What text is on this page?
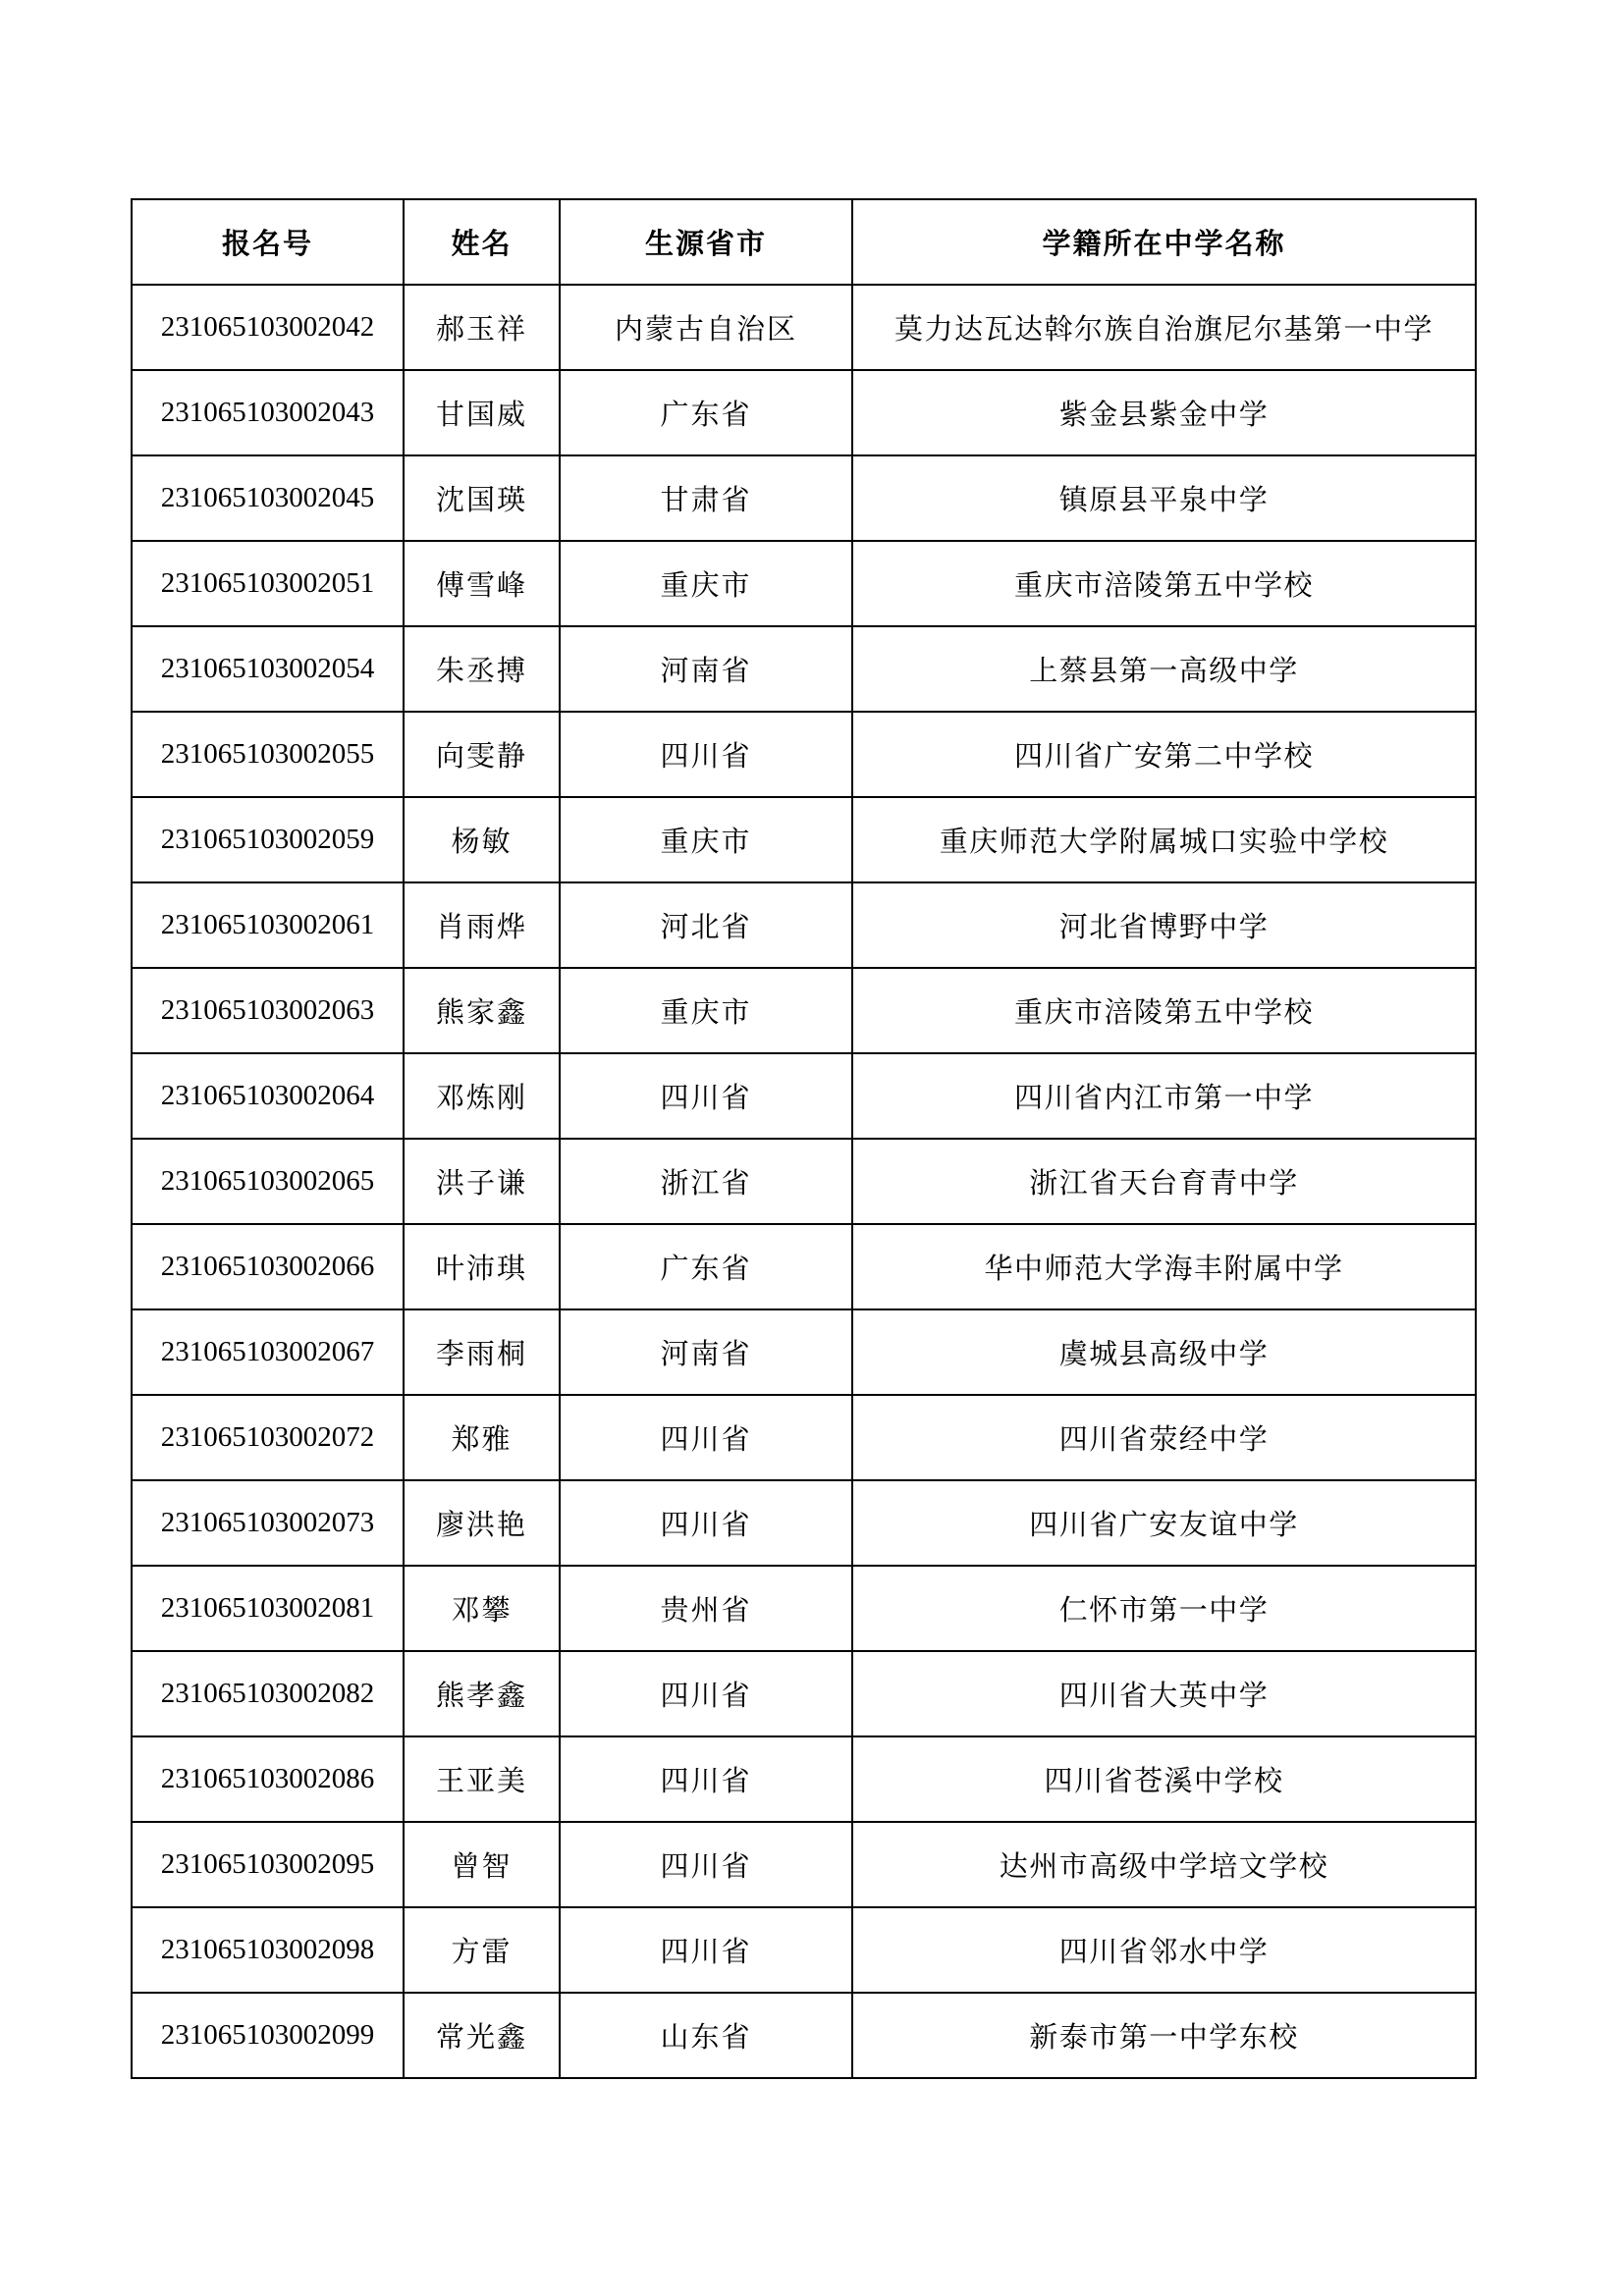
报名号	姓名	生源省市	学籍所在中学名称
231065103002042	郝玉祥	内蒙古自治区	莫力达瓦达斡尔族自治旗尼尔基第一中学
231065103002043	甘国威	广东省	紫金县紫金中学
231065103002045	沈国瑛	甘肃省	镇原县平泉中学
231065103002051	傅雪峰	重庆市	重庆市涪陵第五中学校
231065103002054	朱丞搏	河南省	上蔡县第一高级中学
231065103002055	向雯静	四川省	四川省广安第二中学校
231065103002059	杨敏	重庆市	重庆师范大学附属城口实验中学校
231065103002061	肖雨烨	河北省	河北省博野中学
231065103002063	熊家鑫	重庆市	重庆市涪陵第五中学校
231065103002064	邓炼刚	四川省	四川省内江市第一中学
231065103002065	洪子谦	浙江省	浙江省天台育青中学
231065103002066	叶沛琪	广东省	华中师范大学海丰附属中学
231065103002067	李雨桐	河南省	虞城县高级中学
231065103002072	郑雅	四川省	四川省荥经中学
231065103002073	廖洪艳	四川省	四川省广安友谊中学
231065103002081	邓攀	贵州省	仁怀市第一中学
231065103002082	熊孝鑫	四川省	四川省大英中学
231065103002086	王亚美	四川省	四川省苍溪中学校
231065103002095	曾智	四川省	达州市高级中学培文学校
231065103002098	方雷	四川省	四川省邻水中学
231065103002099	常光鑫	山东省	新泰市第一中学东校
